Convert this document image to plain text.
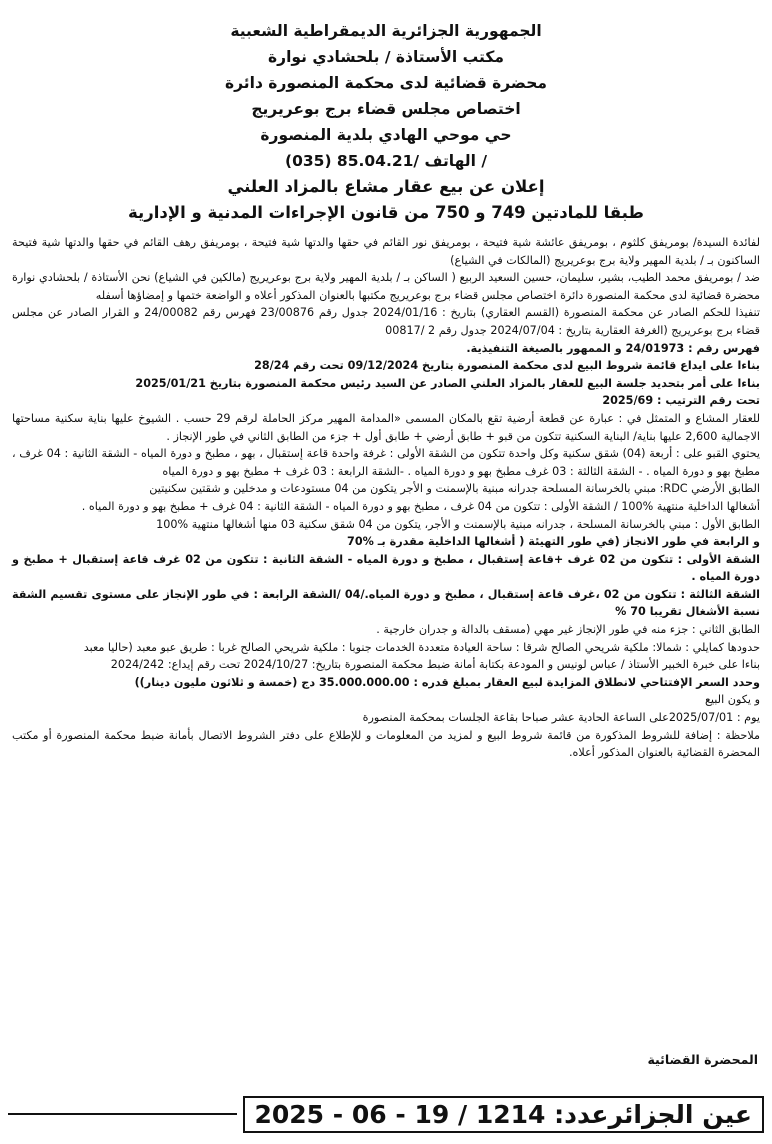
الجمهورية الجزائرية الديمقراطية الشعبية

مكتب الأستاذة / بلحشادي نوارة

محضرة قضائية لدى محكمة المنصورة دائرة

اختصاص مجلس قضاء برج بوعريريج

حي موحي الهادي بلدية المنصورة

/ الهاتف /85.04.21 (035)

إعلان عن بيع عقار مشاع بالمزاد العلني

طبقا للمادتين 749 و 750 من قانون الإجراءات المدنية و الإدارية

لفائدة السيدة/ بومريفق كلثوم ، بومريفق عائشة شية فتيحة ، بومريفق نور القائم في حقها والدتها شية فتيحة ، بومريفق رهف القائم في حقها والدتها شية فتيحة الساكنون بـ / بلدية المهير ولاية برج بوعريريج (المالكات في الشياع)

ضد / بومريفق محمد الطيب، بشير، سليمان، حسين السعيد الربيع ( الساكن بـ / بلدية المهير ولاية برج بوعريريج (مالكين في الشياع) نحن الأستاذة / بلحشادي نوارة محضرة قضائية لدى محكمة المنصورة دائرة اختصاص مجلس قضاء برج بوعريريج مكتبها بالعنوان المذكور أعلاه و الواضعة ختمها و إمضاؤها أسفله

تنفيذا للحكم الصادر عن محكمة المنصورة (القسم العقاري) بتاريخ : 2024/01/16 جدول رقم 23/00876 فهرس رقم 24/00082 و القرار الصادر عن مجلس قضاء برج بوعريريج (الغرفة العقارية بتاريخ : 2024/07/04 جدول رقم 2 /00817

فهرس رقم : 24/01973 و الممهور بالصيغة التنفيذية.

بناءا على ايداع قائمة شروط البيع لدى محكمة المنصورة بتاريخ 09/12/2024 تحت رقم 28/24

بناءا على أمر بتحديد جلسة البيع للعقار بالمزاد العلني الصادر عن السيد رئيس محكمة المنصورة بتاريخ 2025/01/21

تحت رقم الترتيب : 2025/69

للعقار المشاع و المتمثل في : عبارة عن قطعة أرضية تقع بالمكان المسمى «المدامة المهير مركز الحاملة لرقم 29 حسب . الشيوخ عليها بناية سكنية مساحتها الاجمالية 2,600 عليها بناية/ البناية السكنية تتكون من قبو + طابق أرضي + طابق أول + جزء من الطابق الثاني في طور الإنجاز .

يحتوي القبو على : أربعة (04) شقق سكنية وكل واحدة تتكون من الشقة الأولى : غرفة واحدة قاعة إستقبال ، بهو ، مطبخ و دورة المياه - الشقة الثانية : 04 غرف ، مطبخ بهو و دورة المياه . - الشقة الثالثة : 03 غرف مطبخ بهو و دورة المياه . -الشقة الرابعة : 03 غرف + مطبخ بهو و دورة المياه

الطابق الأرضي RDC: مبني بالخرسانة المسلحة جدرانه مبنية بالإسمنت و الأجر يتكون من 04 مستودعات و مدخلين و شقتين سكنيتين

أشغالها الداخلية منتهية %100 / الشقة الأولى : تتكون من 04 غرف ، مطبخ بهو و دورة المياه - الشقة الثانية : 04 غرف + مطبخ بهو و دورة المياه .

الطابق الأول : مبني بالخرسانة المسلحة ، جدرانه مبنية بالإسمنت و الأجر، يتكون من 04 شقق سكنية 03 منها أشغالها منتهية %100

و الرابعة في طور الانجاز (في طور التهيئة ( أشغالها الداخلية مقدرة بـ %70

الشقة الأولى : تتكون من 02 غرف +قاعة إستقبال ، مطبخ و دورة المياه - الشقة الثانية : تتكون من 02 غرف قاعة إستقبال + مطبخ و دورة المياه .

الشقة الثالثة : تتكون من 02 ،غرف قاعة إستقبال ، مطبخ و دورة المياه./04 /الشقة الرابعة : في طور الإنجاز على مستوى تقسيم الشقة نسبة الأشغال تقريبا 70 %

الطابق الثاني : جزء منه في طور الإنجاز غير مهي (مسقف بالدالة و جدران خارجية .

حدودها كمايلي : شمالا: ملكية شريحي الصالح شرقا : ساحة العيادة متعددة الخدمات جنوبا : ملكية شريحي الصالح غربا : طريق عبو معبد (حاليا معبد

بناءا على خبرة الخبير الأستاذ / عباس لونيس و المودعة بكتابة أمانة ضبط محكمة المنصورة بتاريخ: 2024/10/27 تحت رقم إيداع: 2024/242

وحدد السعر الإفتتاحي لانطلاق المزايدة لبيع العقار بمبلغ قدره : 35.000.000.00 دج (خمسة و ثلاثون مليون دينار))

و يكون البيع

يوم : 2025/07/01على الساعة الحادية عشر صباحا بقاعة الجلسات بمحكمة المنصورة

ملاحظة : إضافة للشروط المذكورة من قائمة شروط البيع و لمزيد من المعلومات و للإطلاع على دفتر الشروط الاتصال بأمانة ضبط محكمة المنصورة أو مكتب المحضرة القضائية بالعنوان المذكور أعلاه.

المحضرة القضائية
عين الجزائرعدد: 1214 / 19 - 06 - 2025
